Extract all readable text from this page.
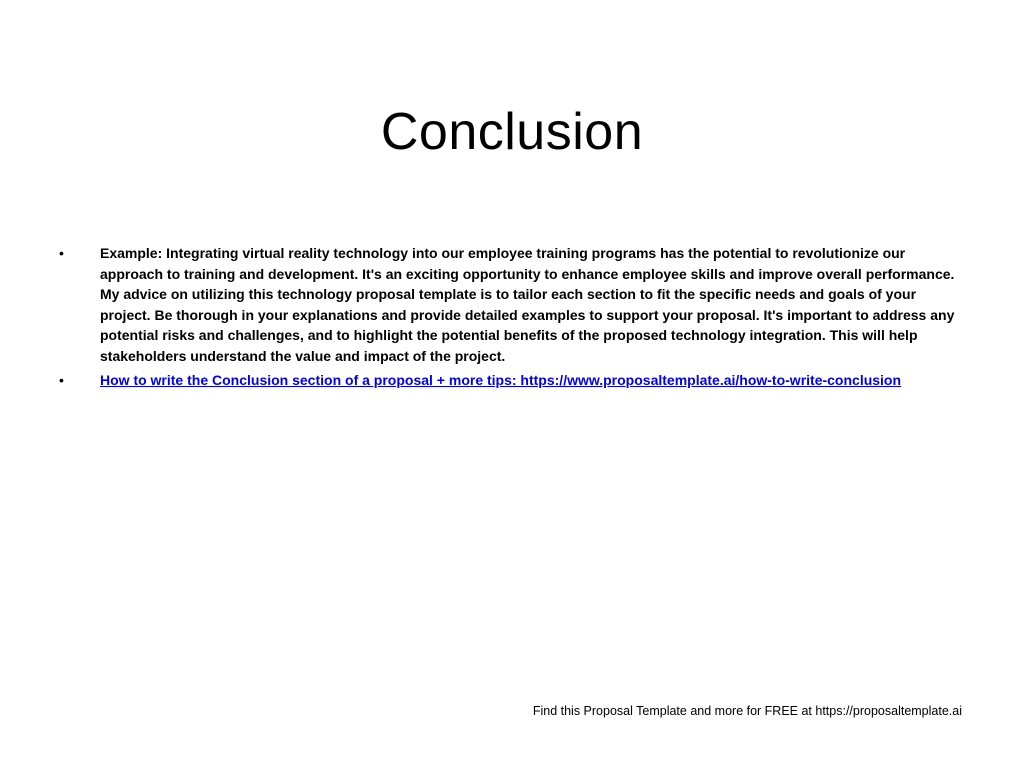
Conclusion
•	Example: Integrating virtual reality technology into our employee training programs has the potential to revolutionize our approach to training and development. It's an exciting opportunity to enhance employee skills and improve overall performance.
My advice on utilizing this technology proposal template is to tailor each section to fit the specific needs and goals of your project. Be thorough in your explanations and provide detailed examples to support your proposal. It's important to address any potential risks and challenges, and to highlight the potential benefits of the proposed technology integration. This will help stakeholders understand the value and impact of the project.
•	How to write the Conclusion section of a proposal + more tips: https://www.proposaltemplate.ai/how-to-write-conclusion
Find this Proposal Template and more for FREE at https://proposaltemplate.ai
